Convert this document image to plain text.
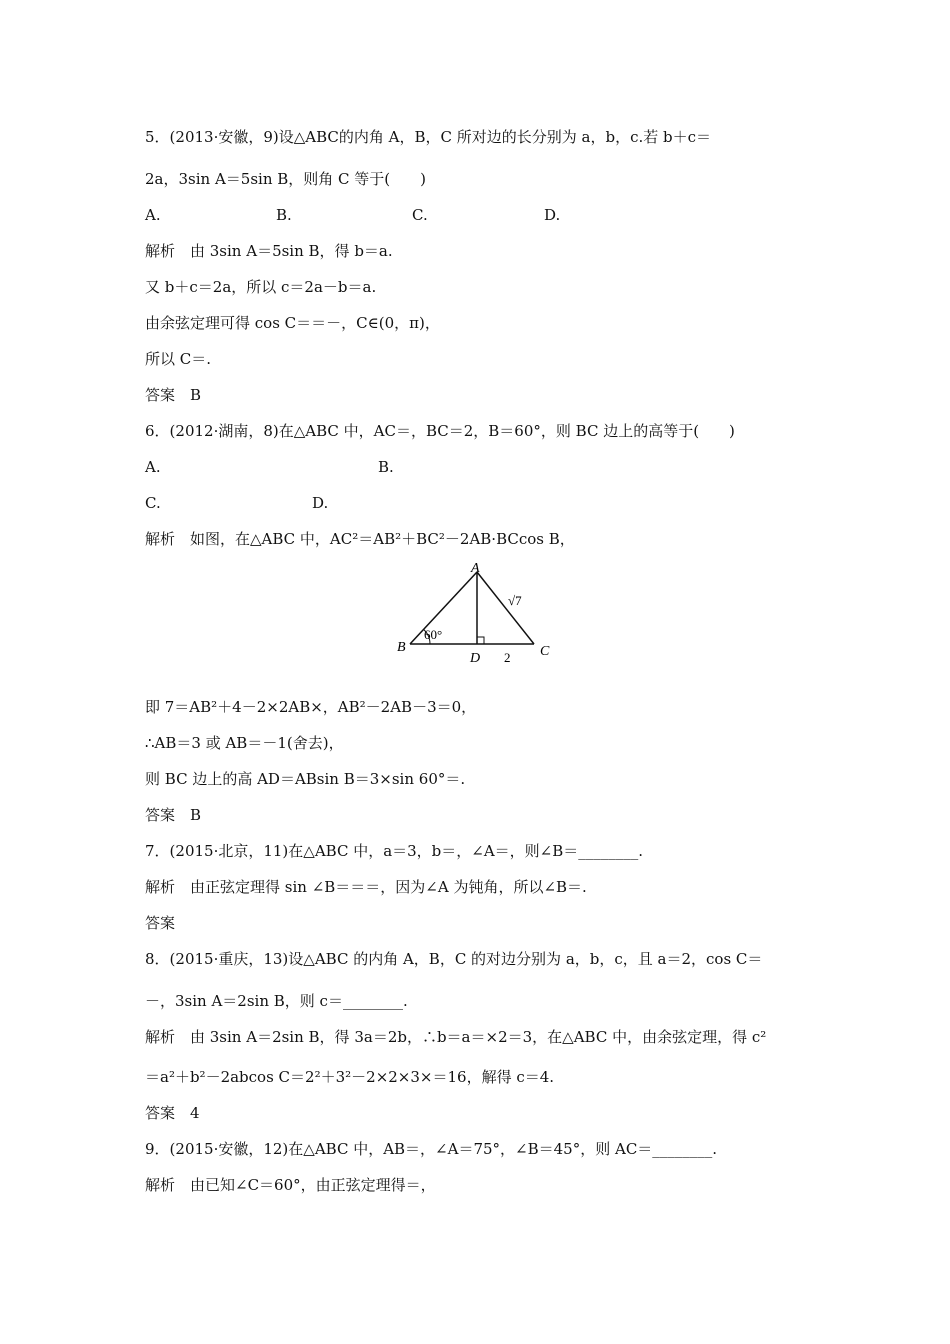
5．(2013·安徽，9)设△ABC的内角 A，B，C 所对边的长分别为 a，b，c.若 b＋c＝
2a，3sin A＝5sin B，则角 C 等于(　　)
A.	B.	C.	D.
解析　由 3sin A＝5sin B，得 b＝a.
又 b＋c＝2a，所以 c＝2a－b＝a.
由余弦定理可得 cos C＝＝－，C∈(0，π)，
所以 C＝.
答案　B
6．(2012·湖南，8)在△ABC 中，AC＝，BC＝2，B＝60°，则 BC 边上的高等于(　　)
A.	B.
C.	D.
解析　如图，在△ABC 中，AC²＝AB²＋BC²－2AB·BCcos B，
A
B	C
D
60°
√7
2
即 7＝AB²＋4－2×2AB×，AB²－2AB－3＝0，
∴AB＝3 或 AB＝－1(舍去)，
则 BC 边上的高 AD＝ABsin B＝3×sin 60°＝.
答案　B
7．(2015·北京，11)在△ABC 中，a＝3，b＝，∠A＝，则∠B＝________.
解析　由正弦定理得 sin ∠B＝＝＝，因为∠A 为钝角，所以∠B＝.
答案
8．(2015·重庆，13)设△ABC 的内角 A，B，C 的对边分别为 a，b，c，且 a＝2，cos C＝
－，3sin A＝2sin B，则 c＝________.
解析　由 3sin A＝2sin B，得 3a＝2b，∴b＝a＝×2＝3，在△ABC 中，由余弦定理，得 c²
＝a²＋b²－2abcos C＝2²＋3²－2×2×3×＝16，解得 c＝4.
答案　4
9．(2015·安徽，12)在△ABC 中，AB＝，∠A＝75°，∠B＝45°，则 AC＝________.
解析　由已知∠C＝60°，由正弦定理得＝，
